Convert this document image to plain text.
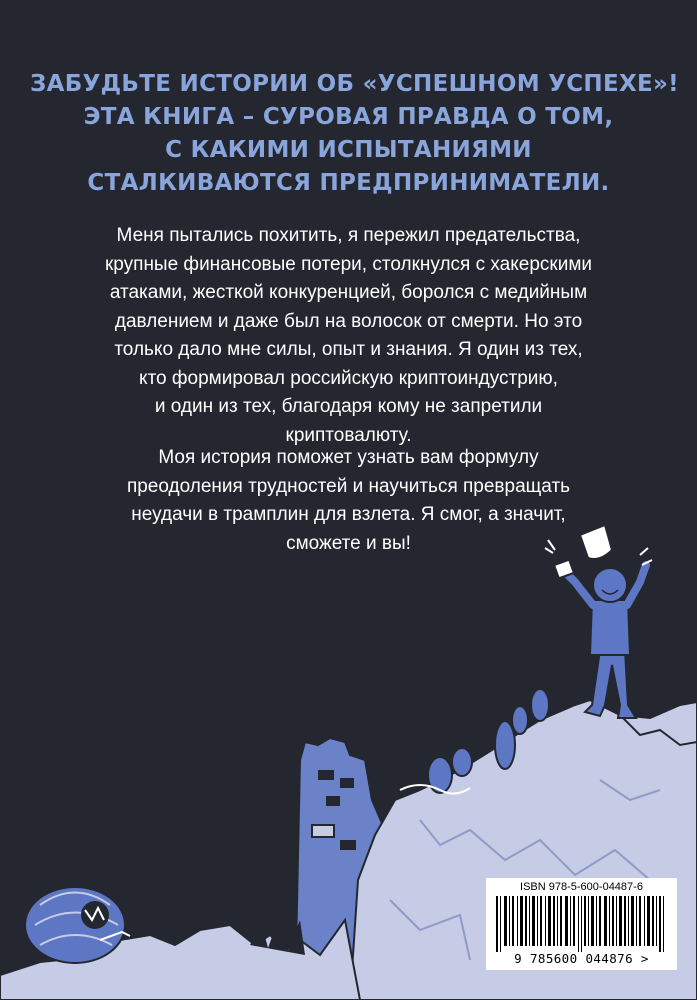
ЗАБУДЬТЕ ИСТОРИИ ОБ «УСПЕШНОМ УСПЕХЕ»!
ЭТА КНИГА – СУРОВАЯ ПРАВДА О ТОМ,
С КАКИМИ ИСПЫТАНИЯМИ
СТАЛКИВАЮТСЯ ПРЕДПРИНИМАТЕЛИ.
Меня пытались похитить, я пережил предательства,
крупные финансовые потери, столкнулся с хакерскими
атаками, жесткой конкуренцией, боролся с медийным
давлением и даже был на волосок от смерти. Но это
только дало мне силы, опыт и знания. Я один из тех,
кто формировал российскую криптоиндустрию,
и один из тех, благодаря кому не запретили
криптовалюту.
Моя история поможет узнать вам формулу
преодоления трудностей и научиться превращать
неудачи в трамплин для взлета. Я смог, а значит,
сможете и вы!
ISBN 978-5-600-04487-6
9 785600 044876 >
